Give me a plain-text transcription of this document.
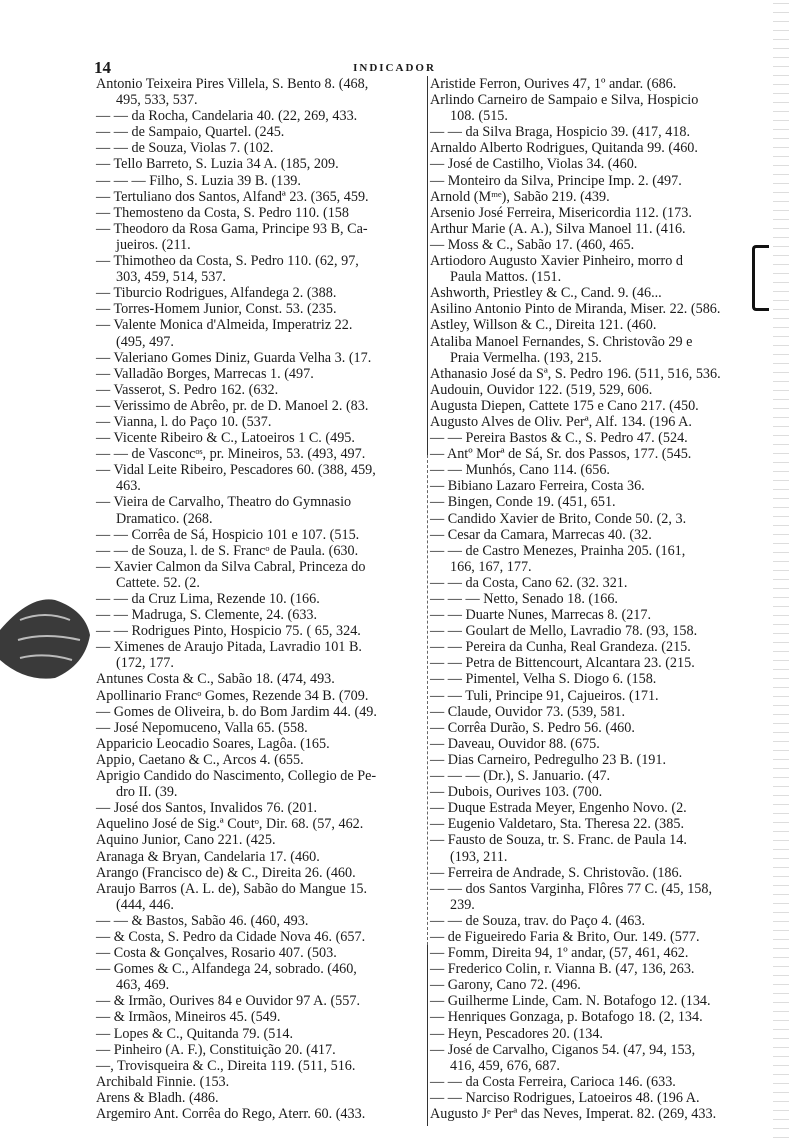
14	INDICADOR
Antonio Teixeira Pires Villela, S. Bento 8. (468,
495, 533, 537.
— — da Rocha, Candelaria 40. (22, 269, 433.
— — de Sampaio, Quartel. (245.
— — de Souza, Violas 7. (102.
— Tello Barreto, S. Luzia 34 A. (185, 209.
— — — Filho, S. Luzia 39 B. (139.
— Tertuliano dos Santos, Alfandª 23. (365, 459.
— Themosteno da Costa, S. Pedro 110. (158
— Theodoro da Rosa Gama, Principe 93 B, Ca-
jueiros. (211.
— Thimotheo da Costa, S. Pedro 110. (62, 97,
303, 459, 514, 537.
— Tiburcio Rodrigues, Alfandega 2. (388.
— Torres-Homem Junior, Const. 53. (235.
— Valente Monica d'Almeida, Imperatriz 22.
(495, 497.
— Valeriano Gomes Diniz, Guarda Velha 3. (17.
— Valladão Borges, Marrecas 1. (497.
— Vasserot, S. Pedro 162. (632.
— Verissimo de Abrêo, pr. de D. Manoel 2. (83.
— Vianna, l. do Paço 10. (537.
— Vicente Ribeiro & C., Latoeiros 1 C. (495.
— — de Vasconcᵒˢ, pr. Mineiros, 53. (493, 497.
— Vidal Leite Ribeiro, Pescadores 60. (388, 459,
463.
— Vieira de Carvalho, Theatro do Gymnasio
Dramatico. (268.
— — Corrêa de Sá, Hospicio 101 e 107. (515.
— — de Souza, l. de S. Francᵒ de Paula. (630.
— Xavier Calmon da Silva Cabral, Princeza do
Cattete. 52. (2.
— — da Cruz Lima, Rezende 10. (166.
— — Madruga, S. Clemente, 24. (633.
— — Rodrigues Pinto, Hospicio 75. ( 65, 324.
— Ximenes de Araujo Pitada, Lavradio 101 B.
(172, 177.
Antunes Costa & C., Sabão 18. (474, 493.
Apollinario Francᵒ Gomes, Rezende 34 B. (709.
— Gomes de Oliveira, b. do Bom Jardim 44. (49.
— José Nepomuceno, Valla 65. (558.
Apparicio Leocadio Soares, Lagôa. (165.
Appio, Caetano & C., Arcos 4. (655.
Aprigio Candido do Nascimento, Collegio de Pe-
dro II. (39.
— José dos Santos, Invalidos 76. (201.
Aquelino José de Sig.ª Coutᵒ, Dir. 68. (57, 462.
Aquino Junior, Cano 221. (425.
Aranaga & Bryan, Candelaria 17. (460.
Arango (Francisco de) & C., Direita 26. (460.
Araujo Barros (A. L. de), Sabão do Mangue 15.
(444, 446.
— — & Bastos, Sabão 46. (460, 493.
— & Costa, S. Pedro da Cidade Nova 46. (657.
— Costa & Gonçalves, Rosario 407. (503.
— Gomes & C., Alfandega 24, sobrado. (460,
463, 469.
— & Irmão, Ourives 84 e Ouvidor 97 A. (557.
— & Irmãos, Mineiros 45. (549.
— Lopes & C., Quitanda 79. (514.
— Pinheiro (A. F.), Constituição 20. (417.
—, Trovisqueira & C., Direita 119. (511, 516.
Archibald Finnie. (153.
Arens & Bladh. (486.
Argemiro Ant. Corrêa do Rego, Aterr. 60. (433.
Aristide Ferron, Ourives 47, 1º andar. (686.
Arlindo Carneiro de Sampaio e Silva, Hospicio
108. (515.
— — da Silva Braga, Hospicio 39. (417, 418.
Arnaldo Alberto Rodrigues, Quitanda 99. (460.
— José de Castilho, Violas 34. (460.
— Monteiro da Silva, Principe Imp. 2. (497.
Arnold (Mᵐᵉ), Sabão 219. (439.
Arsenio José Ferreira, Misericordia 112. (173.
Arthur Marie (A. A.), Silva Manoel 11. (416.
— Moss & C., Sabão 17. (460, 465.
Artiodoro Augusto Xavier Pinheiro, morro d
Paula Mattos. (151.
Ashworth, Priestley & C., Cand. 9. (46...
Asilino Antonio Pinto de Miranda, Miser. 22. (586.
Astley, Willson & C., Direita 121. (460.
Ataliba Manoel Fernandes, S. Christovão 29 e
Praia Vermelha. (193, 215.
Athanasio José da Sª, S. Pedro 196. (511, 516, 536.
Audouin, Ouvidor 122. (519, 529, 606.
Augusta Diepen, Cattete 175 e Cano 217. (450.
Augusto Alves de Oliv. Perª, Alf. 134. (196 A.
— — Pereira Bastos & C., S. Pedro 47. (524.
— Antº Morª de Sá, Sr. dos Passos, 177. (545.
— — Munhós, Cano 114. (656.
— Bibiano Lazaro Ferreira, Costa 36.
— Bingen, Conde 19. (451, 651.
— Candido Xavier de Brito, Conde 50. (2, 3.
— Cesar da Camara, Marrecas 40. (32.
— — de Castro Menezes, Prainha 205. (161,
166, 167, 177.
— — da Costa, Cano 62. (32. 321.
— — — Netto, Senado 18. (166.
— — Duarte Nunes, Marrecas 8. (217.
— — Goulart de Mello, Lavradio 78. (93, 158.
— — Pereira da Cunha, Real Grandeza. (215.
— — Petra de Bittencourt, Alcantara 23. (215.
— — Pimentel, Velha S. Diogo 6. (158.
— — Tuli, Principe 91, Cajueiros. (171.
— Claude, Ouvidor 73. (539, 581.
— Corrêa Durão, S. Pedro 56. (460.
— Daveau, Ouvidor 88. (675.
— Dias Carneiro, Pedregulho 23 B. (191.
— — — (Dr.), S. Januario. (47.
— Dubois, Ourives 103. (700.
— Duque Estrada Meyer, Engenho Novo. (2.
— Eugenio Valdetaro, Sta. Theresa 22. (385.
— Fausto de Souza, tr. S. Franc. de Paula 14.
(193, 211.
— Ferreira de Andrade, S. Christovão. (186.
— — dos Santos Varginha, Flôres 77 C. (45, 158,
239.
— — de Souza, trav. do Paço 4. (463.
— de Figueiredo Faria & Brito, Our. 149. (577.
— Fomm, Direita 94, 1º andar, (57, 461, 462.
— Frederico Colin, r. Vianna B. (47, 136, 263.
— Garony, Cano 72. (496.
— Guilherme Linde, Cam. N. Botafogo 12. (134.
— Henriques Gonzaga, p. Botafogo 18. (2, 134.
— Heyn, Pescadores 20. (134.
— José de Carvalho, Ciganos 54. (47, 94, 153,
416, 459, 676, 687.
— — da Costa Ferreira, Carioca 146. (633.
— — Narciso Rodrigues, Latoeiros 48. (196 A.
Augusto Jᵉ Perª das Neves, Imperat. 82. (269, 433.
